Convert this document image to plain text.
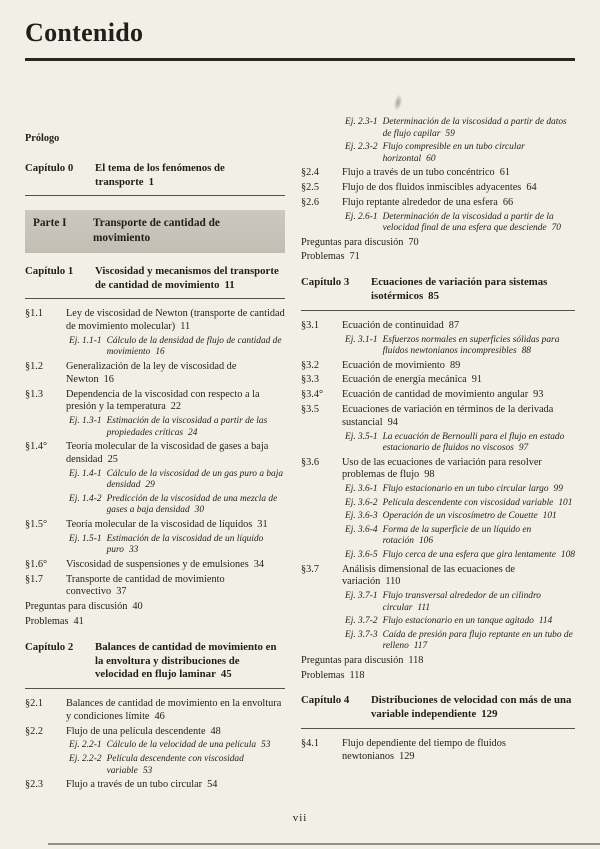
Contenido
Prólogo
Capítulo 0	El tema de los fenómenos de transporte 1
Parte I	Transporte de cantidad de movimiento
Capítulo 1	Viscosidad y mecanismos del transporte de cantidad de movimiento 11
§1.1	Ley de viscosidad de Newton (transporte de cantidad de movimiento molecular) 11
Ej. 1.1-1 Cálculo de la densidad de flujo de cantidad de movimiento 16
§1.2	Generalización de la ley de viscosidad de Newton 16
§1.3	Dependencia de la viscosidad con respecto a la presión y la temperatura 22
Ej. 1.3-1 Estimación de la viscosidad a partir de las propiedades críticas 24
§1.4°	Teoría molecular de la viscosidad de gases a baja densidad 25
Ej. 1.4-1 Cálculo de la viscosidad de un gas puro a baja densidad 29
Ej. 1.4-2 Predicción de la viscosidad de una mezcla de gases a baja densidad 30
§1.5°	Teoría molecular de la viscosidad de líquidos 31
Ej. 1.5-1 Estimación de la viscosidad de un líquido puro 33
§1.6°	Viscosidad de suspensiones y de emulsiones 34
§1.7	Transporte de cantidad de movimiento convectivo 37
Preguntas para discusión 40
Problemas 41
Capítulo 2	Balances de cantidad de movimiento en la envoltura y distribuciones de velocidad en flujo laminar 45
§2.1	Balances de cantidad de movimiento en la envoltura y condiciones límite 46
§2.2	Flujo de una película descendente 48
Ej. 2.2-1 Cálculo de la velocidad de una película 53
Ej. 2.2-2 Película descendente con viscosidad variable 53
§2.3	Flujo a través de un tubo circular 54
Ej. 2.3-1 Determinación de la viscosidad a partir de datos de flujo capilar 59
Ej. 2.3-2 Flujo compresible en un tubo circular horizontal 60
§2.4	Flujo a través de un tubo concéntrico 61
§2.5	Flujo de dos fluidos inmiscibles adyacentes 64
§2.6	Flujo reptante alrededor de una esfera 66
Ej. 2.6-1 Determinación de la viscosidad a partir de la velocidad final de una esfera que desciende 70
Preguntas para discusión 70
Problemas 71
Capítulo 3	Ecuaciones de variación para sistemas isotérmicos 85
§3.1	Ecuación de continuidad 87
Ej. 3.1-1 Esfuerzos normales en superficies sólidas para fluidos newtonianos incompresibles 88
§3.2	Ecuación de movimiento 89
§3.3	Ecuación de energía mecánica 91
§3.4°	Ecuación de cantidad de movimiento angular 93
§3.5	Ecuaciones de variación en términos de la derivada sustancial 94
Ej. 3.5-1 La ecuación de Bernoulli para el flujo en estado estacionario de fluidos no viscosos 97
§3.6	Uso de las ecuaciones de variación para resolver problemas de flujo 98
Ej. 3.6-1 Flujo estacionario en un tubo circular largo 99
Ej. 3.6-2 Película descendente con viscosidad variable 101
Ej. 3.6-3 Operación de un viscosímetro de Couette 101
Ej. 3.6-4 Forma de la superficie de un líquido en rotación 106
Ej. 3.6-5 Flujo cerca de una esfera que gira lentamente 108
§3.7	Análisis dimensional de las ecuaciones de variación 110
Ej. 3.7-1 Flujo transversal alrededor de un cilindro circular 111
Ej. 3.7-2 Flujo estacionario en un tanque agitado 114
Ej. 3.7-3 Caída de presión para flujo reptante en un tubo de relleno 117
Preguntas para discusión 118
Problemas 118
Capítulo 4	Distribuciones de velocidad con más de una variable independiente 129
§4.1	Flujo dependiente del tiempo de fluidos newtonianos 129
vii
